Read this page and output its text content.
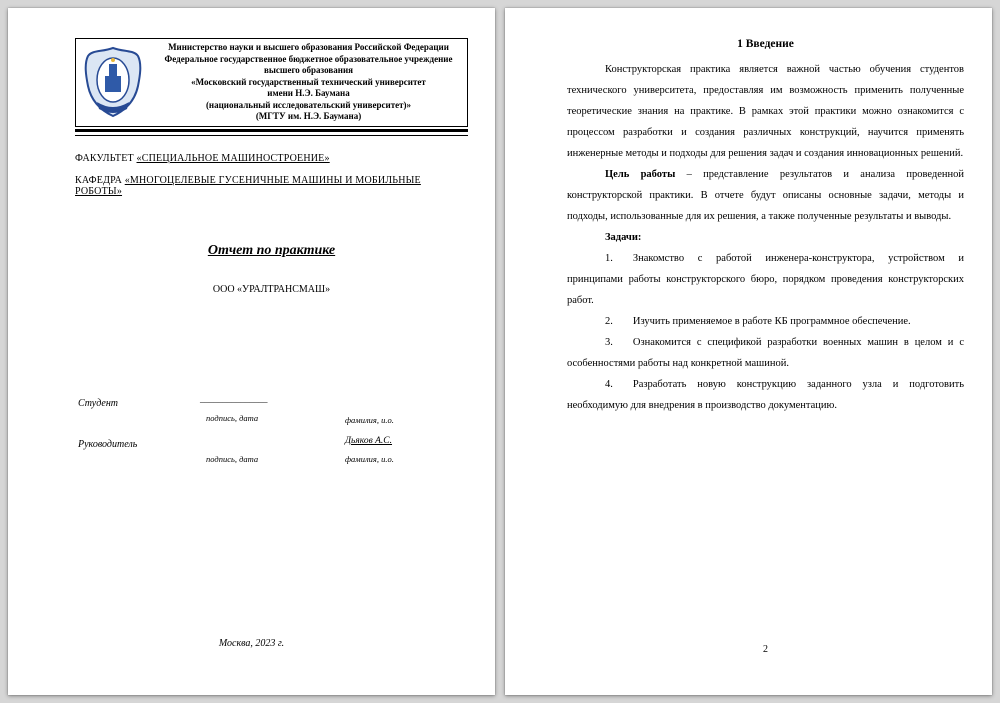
Министерство науки и высшего образования Российской Федерации
Федеральное государственное бюджетное образовательное учреждение
высшего образования
«Московский государственный технический университет
имени Н.Э. Баумана
(национальный исследовательский университет)»
(МГТУ им. Н.Э. Баумана)

ФАКУЛЬТЕТ «СПЕЦИАЛЬНОЕ МАШИНОСТРОЕНИЕ»

КАФЕДРА «МНОГОЦЕЛЕВЫЕ ГУСЕНИЧНЫЕ МАШИНЫ И МОБИЛЬНЫЕ РОБОТЫ»

Отчет по практике
ООО «УРАЛТРАНСМАШ»
Студент	_______________
подпись, дата	фамилия, и.о.
Руководитель	Дьяков А.С.
подпись, дата	фамилия, и.о.
Москва, 2023 г.
1 Введение

Конструкторская практика является важной частью обучения студентов технического университета, предоставляя им возможность применить полученные теоретические знания на практике. В рамках этой практики можно ознакомится с процессом разработки и создания различных конструкций, научится применять инженерные методы и подходы для решения задач и создания инновационных решений.

Цель работы – представление результатов и анализа проведенной конструкторской практики. В отчете будут описаны основные задачи, методы и подходы, использованные для их решения, а также полученные результаты и выводы.

Задачи:

1. Знакомство с работой инженера-конструктора, устройством и принципами работы конструкторского бюро, порядком проведения конструкторских работ.

2. Изучить применяемое в работе КБ программное обеспечение.

3. Ознакомится с спецификой разработки военных машин в целом и с особенностями работы над конкретной машиной.

4. Разработать новую конструкцию заданного узла и подготовить необходимую для внедрения в производство документацию.

2
